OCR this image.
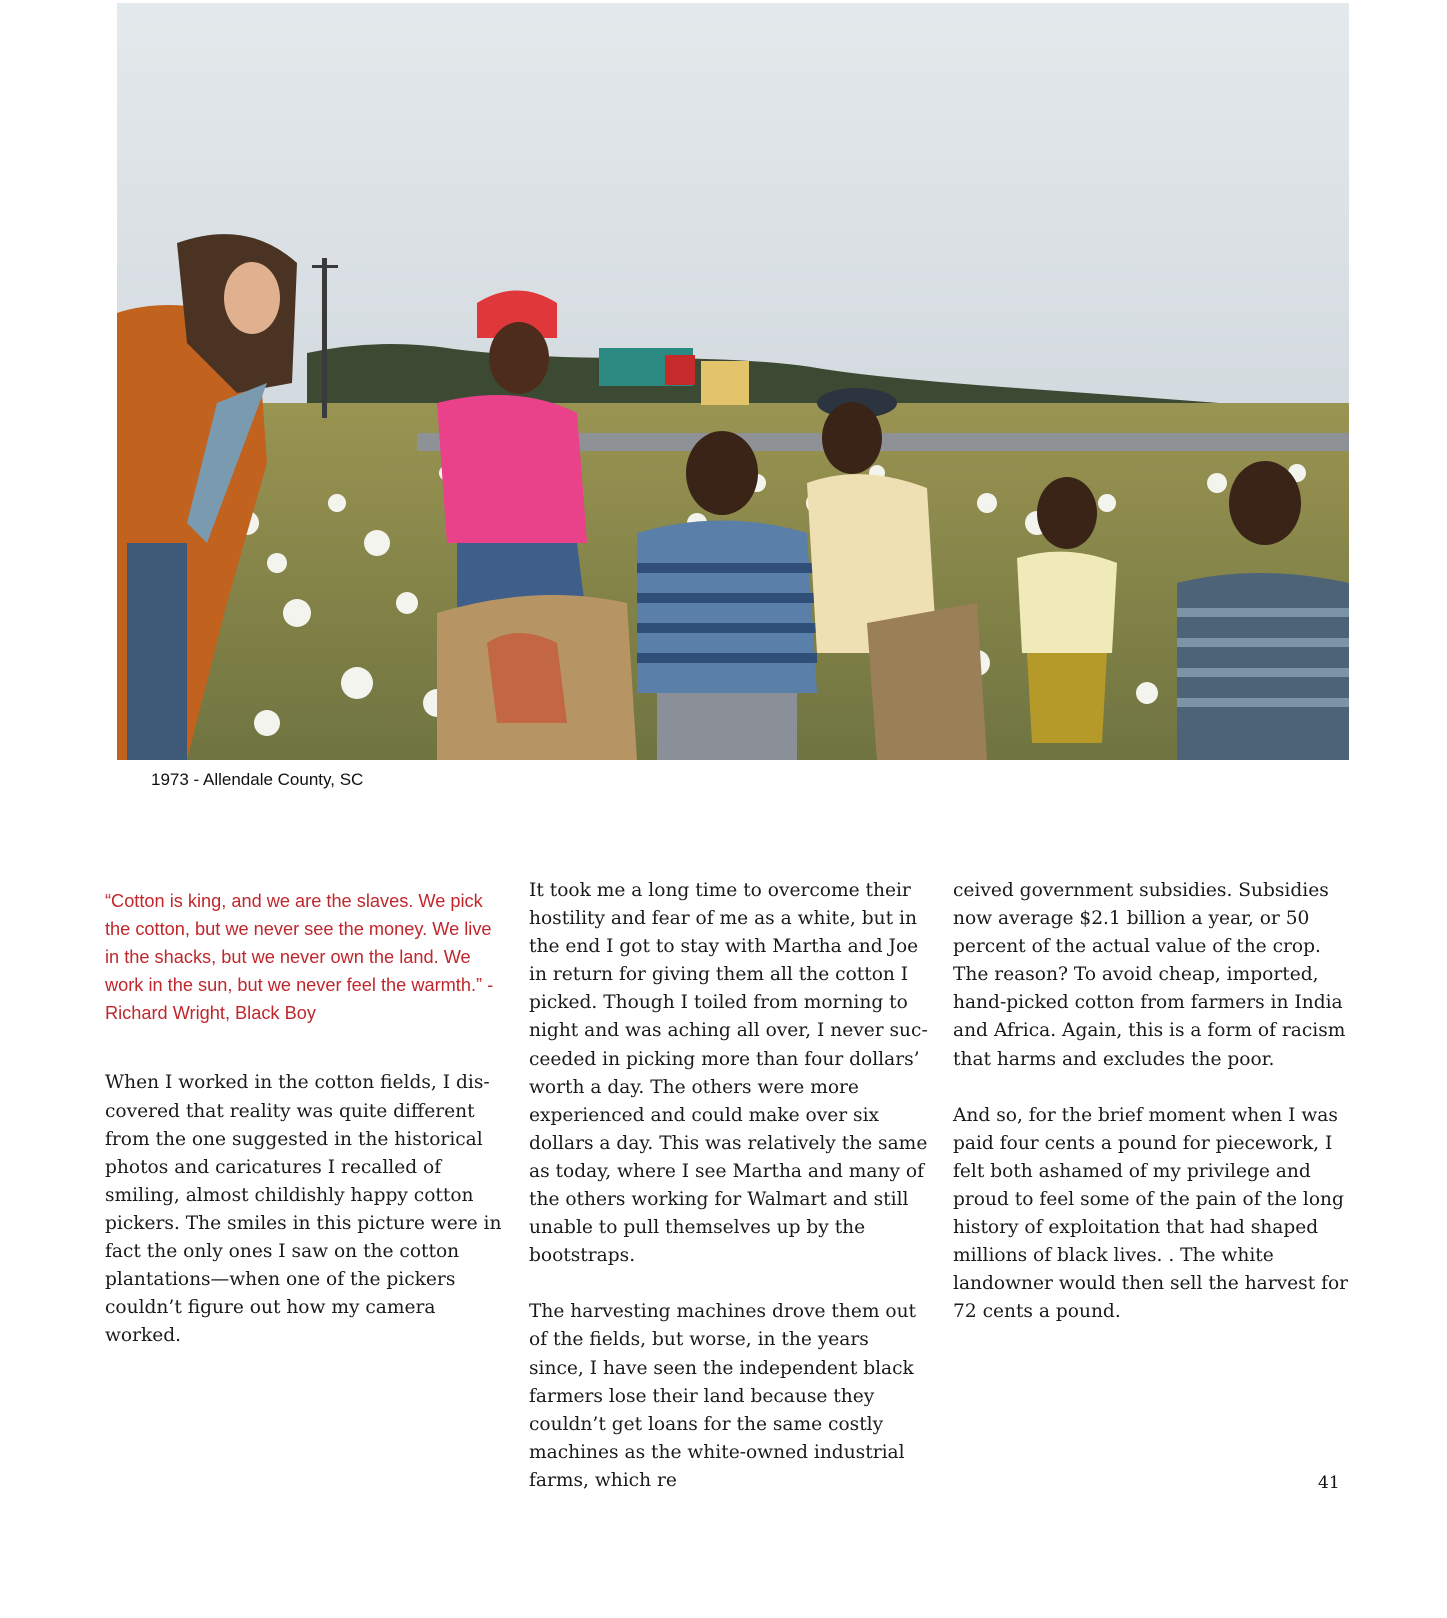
1973 - Allendale County, SC

“Cotton is king, and we are the slaves. We pick the cotton, but we never see the money. We live in the shacks, but we never own the land. We work in the sun, but we never feel the warmth.” - Richard Wright, Black Boy

When I worked in the cotton fields, I discovered that reality was quite different from the one suggested in the historical photos and caricatures I recalled of smiling, almost childishly happy cotton pickers. The smiles in this picture were in fact the only ones I saw on the cotton plantations—when one of the pickers couldn’t figure out how my camera worked.

It took me a long time to overcome their hostility and fear of me as a white, but in the end I got to stay with Martha and Joe in return for giving them all the cotton I picked. Though I toiled from morning to night and was aching all over, I never succeeded in picking more than four dollars’ worth a day. The others were more experienced and could make over six dollars a day. This was relatively the same as today, where I see Martha and many of the others working for Walmart and still unable to pull themselves up by the bootstraps.

The harvesting machines drove them out of the fields, but worse, in the years since, I have seen the independent black farmers lose their land because they couldn’t get loans for the same costly machines as the white-owned industrial farms, which re

ceived government subsidies. Subsidies now average $2.1 billion a year, or 50 percent of the actual value of the crop. The reason? To avoid cheap, imported, hand-picked cotton from farmers in India and Africa. Again, this is a form of racism that harms and excludes the poor.

And so, for the brief moment when I was paid four cents a pound for piecework, I felt both ashamed of my privilege and proud to feel some of the pain of the long history of exploitation that had shaped millions of black lives. . The white landowner would then sell the harvest for 72 cents a pound.

41
